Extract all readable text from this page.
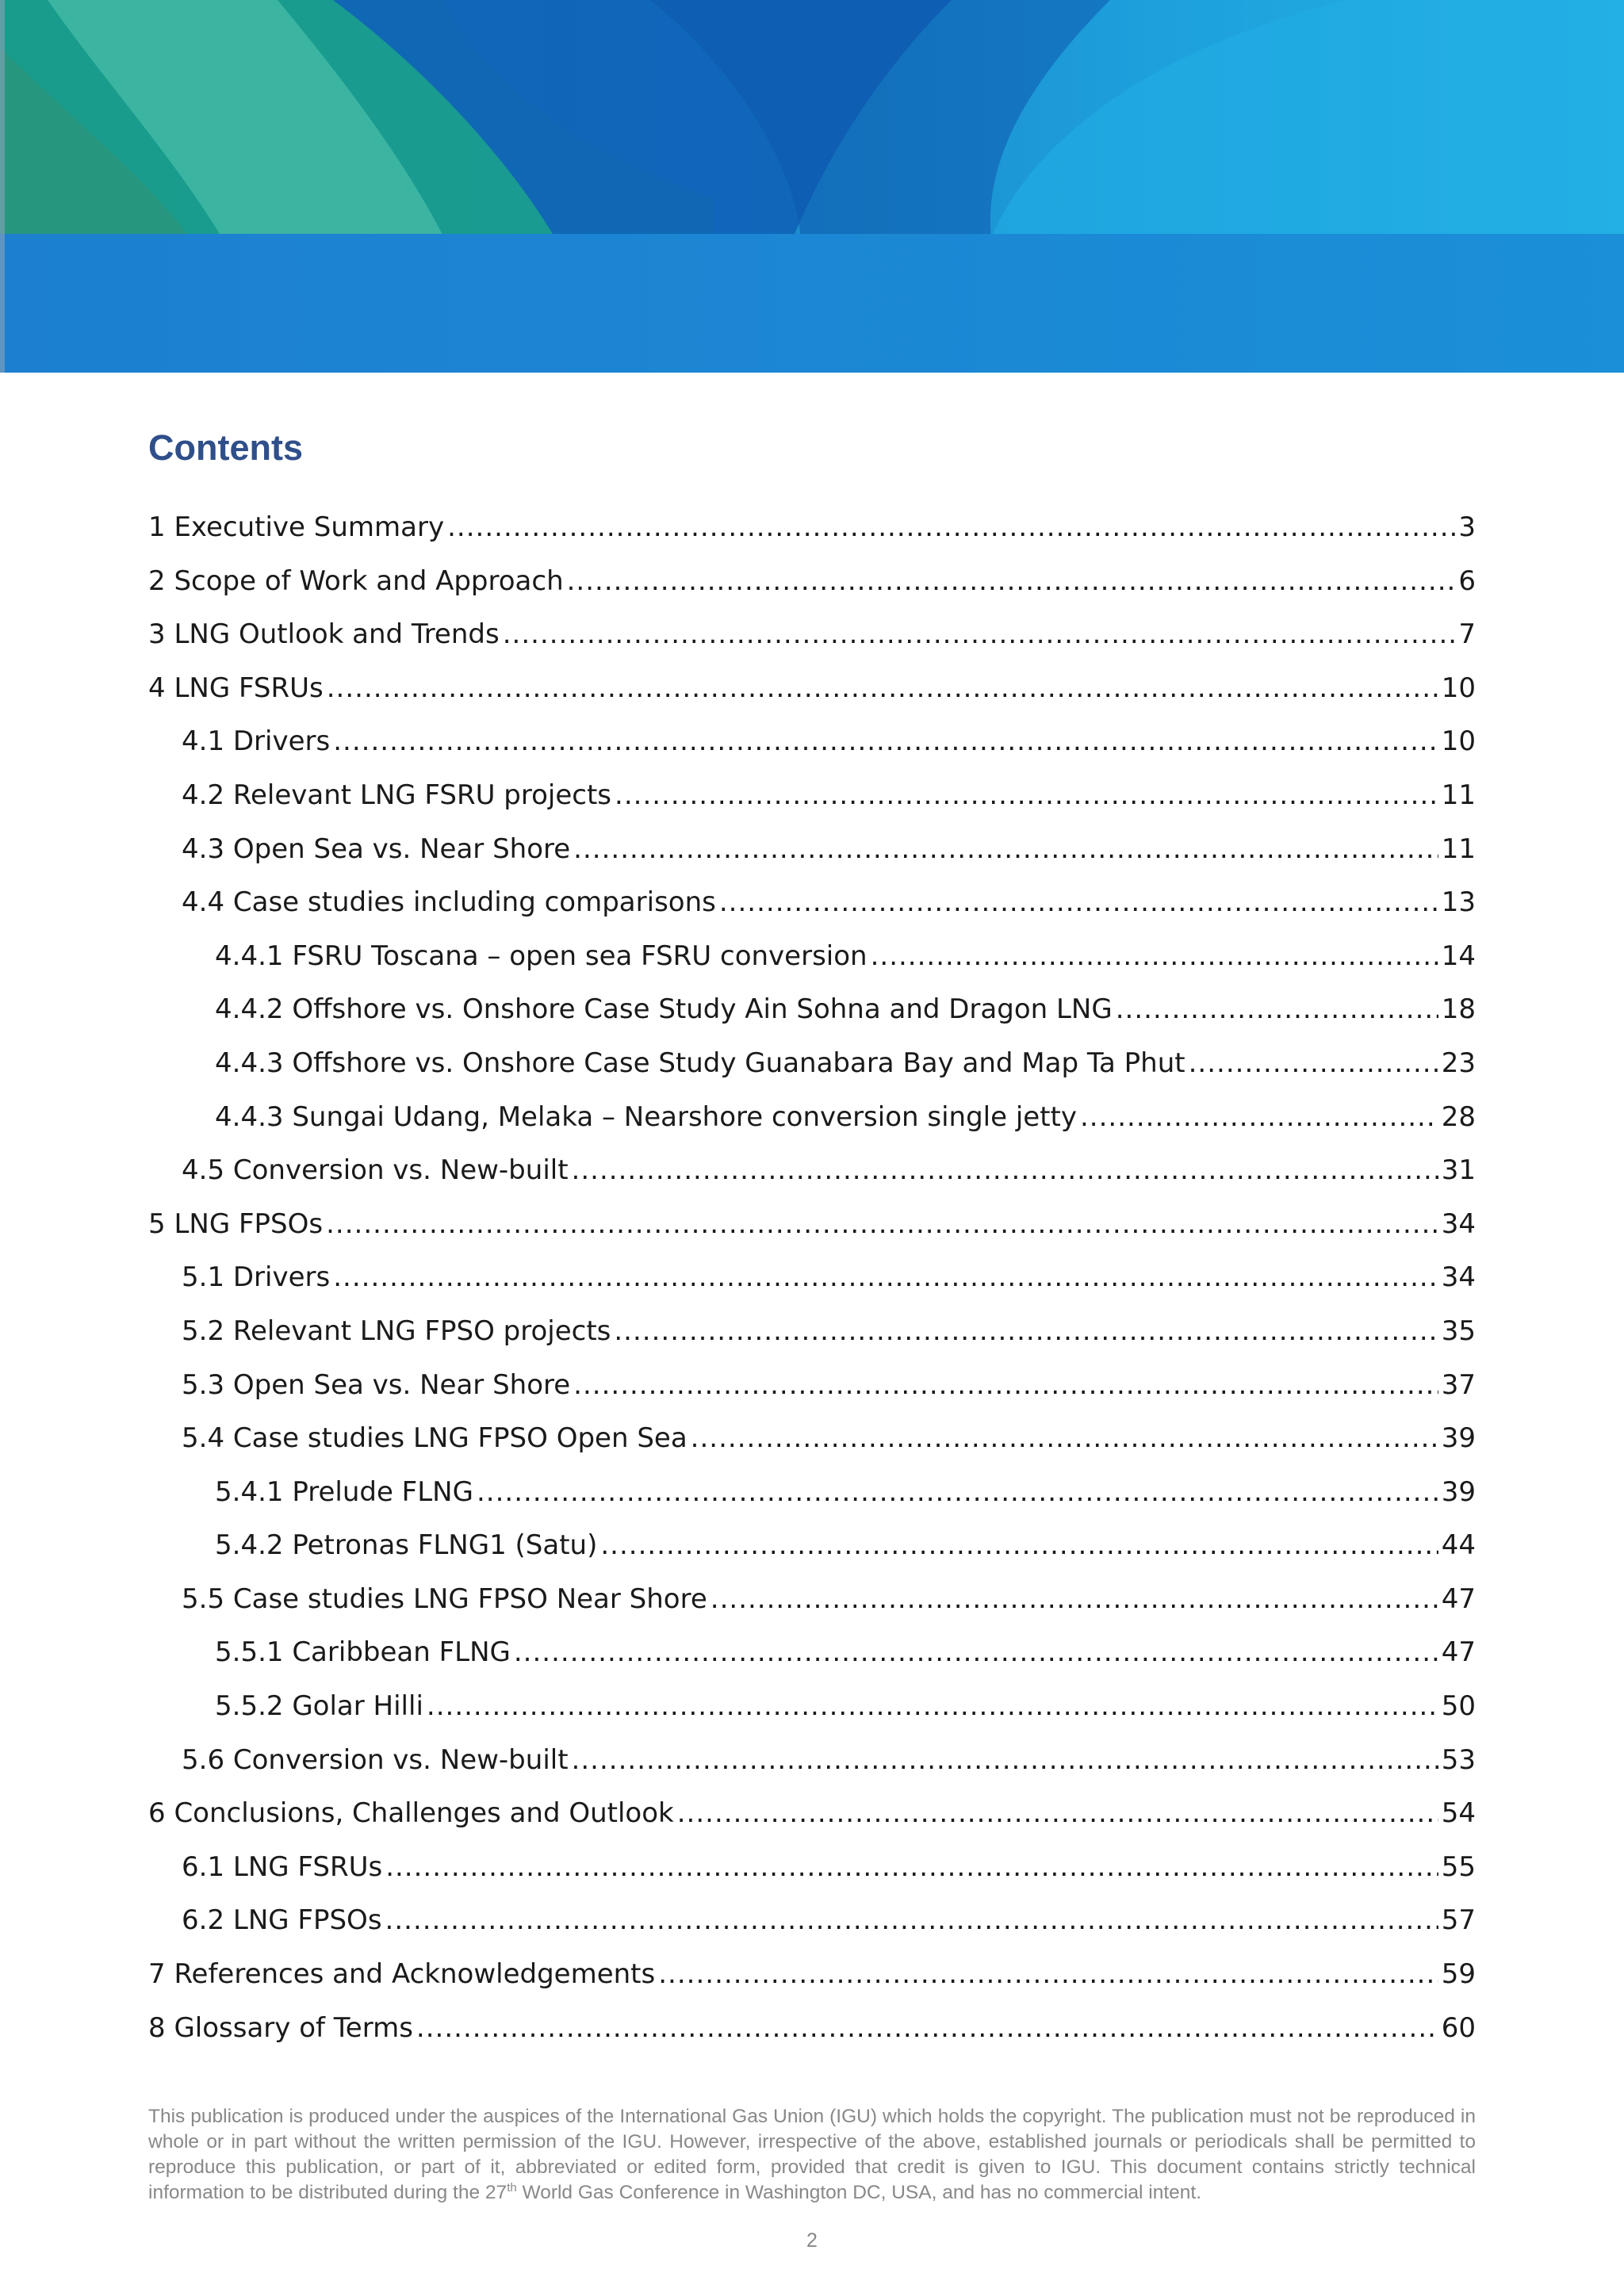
Contents
1 Executive Summary .....	3
2 Scope of Work and Approach .....	6
3 LNG Outlook and Trends .....	7
4 LNG FSRUs .....	10
4.1 Drivers .....	10
4.2 Relevant LNG FSRU projects .....	11
4.3 Open Sea vs. Near Shore .....	11
4.4 Case studies including comparisons .....	13
4.4.1 FSRU Toscana – open sea FSRU conversion .....	14
4.4.2 Offshore vs. Onshore Case Study Ain Sohna and Dragon LNG .....	18
4.4.3 Offshore vs. Onshore Case Study Guanabara Bay and Map Ta Phut .....	23
4.4.3 Sungai Udang, Melaka – Nearshore conversion single jetty .....	28
4.5 Conversion vs. New-built .....	31
5 LNG FPSOs .....	34
5.1 Drivers .....	34
5.2 Relevant LNG FPSO projects .....	35
5.3 Open Sea vs. Near Shore .....	37
5.4 Case studies LNG FPSO Open Sea .....	39
5.4.1 Prelude FLNG .....	39
5.4.2 Petronas FLNG1 (Satu) .....	44
5.5 Case studies LNG FPSO Near Shore .....	47
5.5.1 Caribbean FLNG .....	47
5.5.2 Golar Hilli .....	50
5.6 Conversion vs. New-built .....	53
6 Conclusions, Challenges and Outlook .....	54
6.1 LNG FSRUs .....	55
6.2 LNG FPSOs .....	57
7 References and Acknowledgements .....	59
8 Glossary of Terms .....	60
This publication is produced under the auspices of the International Gas Union (IGU) which holds the copyright. The publication must not be reproduced in whole or in part without the written permission of the IGU. However, irrespective of the above, established journals or periodicals shall be permitted to reproduce this publication, or part of it, abbreviated or edited form, provided that credit is given to IGU. This document contains strictly technical information to be distributed during the 27th World Gas Conference in Washington DC, USA, and has no commercial intent.
2
